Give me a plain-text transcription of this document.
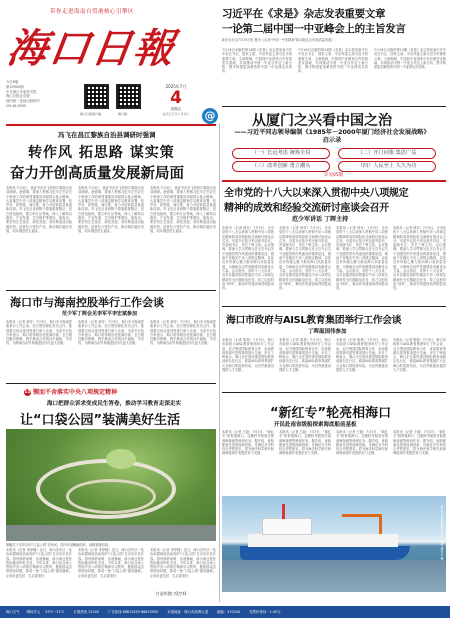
带你走进海南自贸港核心引擎区
海口日報
今日8版
第10900期
中共海口市委机关报
海口日报社出版
国内统一连续出版物号
CN 46-0005
海口日报客户端	海口网
2025年7月
4
星期五
农历乙巳年六月初十	@
习近平在《求是》杂志发表重要文章
一论第二届中国一中亚峰会上的主旨发言
新华社北京7月15日电 题为《弘扬“中国一中亚精神”推动地区合作高质量发展》
7月16日出版的第14期《求是》杂志将发表中共中央总书记、国家主席、中央军委主席习近平的重要文章。文章强调，中国同中亚国家合作有着坚实基础，共同推动中国一中亚合作迈上新台阶，携手构建更加紧密的中国一中亚命运共同体。
7月16日出版的第14期《求是》杂志将发表中共中央总书记、国家主席、中央军委主席习近平的重要文章。文章强调，中国同中亚国家合作有着坚实基础，共同推动中国一中亚合作迈上新台阶，携手构建更加紧密的中国一中亚命运共同体。
7月16日出版的第14期《求是》杂志将发表中共中央总书记、国家主席、中央军委主席习近平的重要文章。文章强调，中国同中亚国家合作有着坚实基础，共同推动中国一中亚合作迈上新台阶，携手构建更加紧密的中国一中亚命运共同体。
从厦门之兴看中国之治
——习近平同志领导编制《1985年－2000年厦门经济社会发展战略》启示录
（一）长远考虑 统筹全局	（二）开门问策 集思广益
（三）改革创新 勇立潮头	（四）人民至上 久久为功
详见05版
全市党的十八大以来深入贯彻中央八项规定
精神的成效和经验交流研讨座谈会召开
范少军讲话 丁晖主持
本报讯（记者 林芳）7月3日，全市党的十八大以来深入贯彻中央八项规定精神的成效和经验交流研讨座谈会召开。市委书记范少军出席并讲话，市委副书记、市长丁晖主持。会议强调，要深入学习贯彻习近平总书记关于加强党的作风建设的重要论述，锲而不舍落实中央八项规定精神，以优良作风凝心聚力推动海口高质量发展，为海南自由贸易港建设贡献省会力量。会议指出，党的十八大以来，全市各级党组织把落实中央八项规定精神作为长期政治任务，持之以恒纠治“四风”，推动作风建设取得明显成效。
本报讯（记者 林芳）7月3日，全市党的十八大以来深入贯彻中央八项规定精神的成效和经验交流研讨座谈会召开。市委书记范少军出席并讲话，市委副书记、市长丁晖主持。会议强调，要深入学习贯彻习近平总书记关于加强党的作风建设的重要论述，锲而不舍落实中央八项规定精神，以优良作风凝心聚力推动海口高质量发展，为海南自由贸易港建设贡献省会力量。会议指出，党的十八大以来，全市各级党组织把落实中央八项规定精神作为长期政治任务，持之以恒纠治“四风”，推动作风建设取得明显成效。
本报讯（记者 林芳）7月3日，全市党的十八大以来深入贯彻中央八项规定精神的成效和经验交流研讨座谈会召开。市委书记范少军出席并讲话，市委副书记、市长丁晖主持。会议强调，要深入学习贯彻习近平总书记关于加强党的作风建设的重要论述，锲而不舍落实中央八项规定精神，以优良作风凝心聚力推动海口高质量发展，为海南自由贸易港建设贡献省会力量。会议指出，党的十八大以来，全市各级党组织把落实中央八项规定精神作为长期政治任务，持之以恒纠治“四风”，推动作风建设取得明显成效。
本报讯（记者 林芳）7月3日，全市党的十八大以来深入贯彻中央八项规定精神的成效和经验交流研讨座谈会召开。市委书记范少军出席并讲话，市委副书记、市长丁晖主持。会议强调，要深入学习贯彻习近平总书记关于加强党的作风建设的重要论述，锲而不舍落实中央八项规定精神，以优良作风凝心聚力推动海口高质量发展，为海南自由贸易港建设贡献省会力量。会议指出，党的十八大以来，全市各级党组织把落实中央八项规定精神作为长期政治任务，持之以恒纠治“四风”，推动作风建设取得明显成效。
海口市政府与AISL教育集团举行工作会谈
丁晖温国伟参加
本报讯（记者 陈栋）7月3日，海口市政府与AISL教育集团举行工作会谈，双方围绕国际教育合作、优质教育资源引进等事项进行交流。市长丁晖表示，海口正在加快建设国际教育创新岛先行区，欢迎AISL教育集团扩大在海口的投资布局，为自贸港建设提供人才支撑。
本报讯（记者 陈栋）7月3日，海口市政府与AISL教育集团举行工作会谈，双方围绕国际教育合作、优质教育资源引进等事项进行交流。市长丁晖表示，海口正在加快建设国际教育创新岛先行区，欢迎AISL教育集团扩大在海口的投资布局，为自贸港建设提供人才支撑。
本报讯（记者 陈栋）7月3日，海口市政府与AISL教育集团举行工作会谈，双方围绕国际教育合作、优质教育资源引进等事项进行交流。市长丁晖表示，海口正在加快建设国际教育创新岛先行区，欢迎AISL教育集团扩大在海口的投资布局，为自贸港建设提供人才支撑。
本报讯（记者 陈栋）7月3日，海口市政府与AISL教育集团举行工作会谈，双方围绕国际教育合作、优质教育资源引进等事项进行交流。市长丁晖表示，海口正在加快建设国际教育创新岛先行区，欢迎AISL教育集团扩大在海口的投资布局，为自贸港建设提供人才支撑。
“新红专”轮亮相海口
开民赴南省级船探索海底船前基板
本报讯（记者 王毅）7月3日，“新红专”轮停靠海口，这艘科考船将开展深海探测等科研任务。据介绍，该船配备先进的探测设备，可满足多学科综合考察需求，将为海洋科学研究和深海资源开发提供有力支撑。
本报讯（记者 王毅）7月3日，“新红专”轮停靠海口，这艘科考船将开展深海探测等科研任务。据介绍，该船配备先进的探测设备，可满足多学科综合考察需求，将为海洋科学研究和深海资源开发提供有力支撑。
本报讯（记者 王毅）7月3日，“新红专”轮停靠海口，这艘科考船将开展深海探测等科研任务。据介绍，该船配备先进的探测设备，可满足多学科综合考察需求，将为海洋科学研究和深海资源开发提供有力支撑。
本报讯（记者 王毅）7月3日，“新红专”轮停靠海口，这艘科考船将开展深海探测等科研任务。据介绍，该船配备先进的探测设备，可满足多学科综合考察需求，将为海洋科学研究和深海资源开发提供有力支撑。
“新红专”轮停靠海口码头。记者 康桂全 摄
冯飞在昌江黎族自治县调研时强调
转作风 拓思路 谋实策
奋力开创高质量发展新局面
本报讯 7月3日，省委书记冯飞到昌江黎族自治县调研。他强调，要深入贯彻习近平总书记关于海南工作的系列重要讲话和指示批示精神，认真落实中央八项规定精神学习教育部署，转作风、拓思路、谋实策，奋力开创高质量发展新局面。冯飞先后来到棋子湾旅游度假区、昌江核电基地、霸王岭片区等地，深入了解项目建设、产业发展、生态保护等情况。他指出，要坚持生态优先、绿色发展，用好核电清洁能源优势，培育壮大特色产业，推动城乡融合发展，切实增进民生福祉。
本报讯 7月3日，省委书记冯飞到昌江黎族自治县调研。他强调，要深入贯彻习近平总书记关于海南工作的系列重要讲话和指示批示精神，认真落实中央八项规定精神学习教育部署，转作风、拓思路、谋实策，奋力开创高质量发展新局面。冯飞先后来到棋子湾旅游度假区、昌江核电基地、霸王岭片区等地，深入了解项目建设、产业发展、生态保护等情况。他指出，要坚持生态优先、绿色发展，用好核电清洁能源优势，培育壮大特色产业，推动城乡融合发展，切实增进民生福祉。
本报讯 7月3日，省委书记冯飞到昌江黎族自治县调研。他强调，要深入贯彻习近平总书记关于海南工作的系列重要讲话和指示批示精神，认真落实中央八项规定精神学习教育部署，转作风、拓思路、谋实策，奋力开创高质量发展新局面。冯飞先后来到棋子湾旅游度假区、昌江核电基地、霸王岭片区等地，深入了解项目建设、产业发展、生态保护等情况。他指出，要坚持生态优先、绿色发展，用好核电清洁能源优势，培育壮大特色产业，推动城乡融合发展，切实增进民生福祉。
海口市与海南控股举行工作会谈
范少军丁晖会见李军平李宏斌参加
本报讯（记者 林芳）7月3日，海口市与海南控股举行工作会谈。双方围绕深化务实合作、推进重点项目建设等进行深入交流。市委书记范少军表示，海口将持续优化营商环境，全力做好服务保障，携手推动合作项目早落地、早见效，为海南自由贸易港建设作出更大贡献。
本报讯（记者 林芳）7月3日，海口市与海南控股举行工作会谈。双方围绕深化务实合作、推进重点项目建设等进行深入交流。市委书记范少军表示，海口将持续优化营商环境，全力做好服务保障，携手推动合作项目早落地、早见效，为海南自由贸易港建设作出更大贡献。
本报讯（记者 林芳）7月3日，海口市与海南控股举行工作会谈。双方围绕深化务实合作、推进重点项目建设等进行深入交流。市委书记范少军表示，海口将持续优化营商环境，全力做好服务保障，携手推动合作项目早落地、早见效，为海南自由贸易港建设作出更大贡献。
15 锲而不舍落实中央八项规定精神
海口把群众诉求变成民生答卷，推动学习教育走深走实
让“口袋公园”装满美好生活
俯瞰位于龙华区的“口袋公园”美舍河，园内步道蜿蜒曲折，绿植错落有致。
本报讯（记者 李梦楠）近日，海口龙华区一处由闲置地改造而成的“口袋公园”正式向市民开放。园内绿树成荫、步道蜿蜒，成为周边居民休闲健身的好去处。今年以来，海口结合深入贯彻中央八项规定精神学习教育，聚焦群众急难愁盼问题，推动一批“口袋公园”建设落地，让城市更宜居、生活更美好。
本报讯（记者 李梦楠）近日，海口龙华区一处由闲置地改造而成的“口袋公园”正式向市民开放。园内绿树成荫、步道蜿蜒，成为周边居民休闲健身的好去处。今年以来，海口结合深入贯彻中央八项规定精神学习教育，聚焦群众急难愁盼问题，推动一批“口袋公园”建设落地，让城市更宜居、生活更美好。
本报讯（记者 李梦楠）近日，海口龙华区一处由闲置地改造而成的“口袋公园”正式向市民开放。园内绿树成荫、步道蜿蜒，成为周边居民休闲健身的好去处。今年以来，海口结合深入贯彻中央八项规定精神学习教育，聚焦群众急难愁盼问题，推动一批“口袋公园”建设落地，让城市更宜居、生活更美好。
打造休憩口袋空间
海口天气 晴转多云 25℃~31℃	订阅热线 12345	广告热线 66812555 66813555	本报地址：海口市滨海大道	邮编：570100	零售价每份：1.00元
